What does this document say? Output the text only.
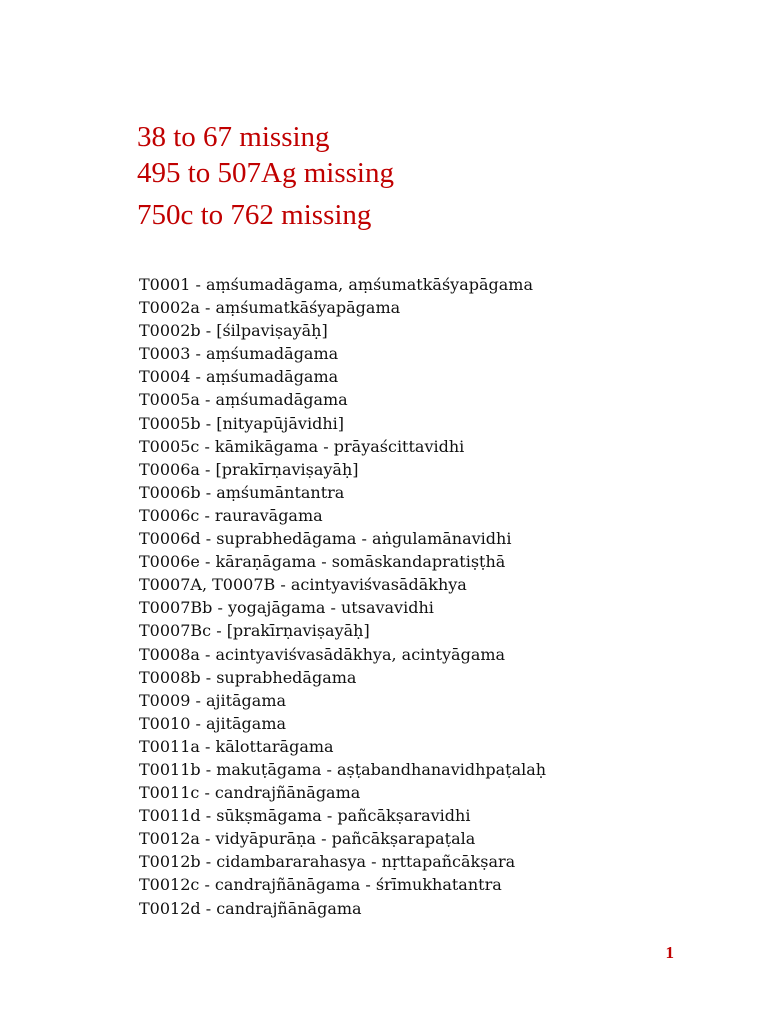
38 to 67 missing
495 to 507Ag missing
750c to 762 missing
T0001 - aṃśumadāgama, aṃśumatkāśyapāgama
T0002a - aṃśumatkāśyapāgama
T0002b - [śilpaviṣayāḥ]
T0003 - aṃśumadāgama
T0004 - aṃśumadāgama
T0005a - aṃśumadāgama
T0005b - [nityapūjāvidhi]
T0005c - kāmikāgama - prāyaścittavidhi
T0006a - [prakīrṇaviṣayāḥ]
T0006b - aṃśumāntantra
T0006c - rauravāgama
T0006d - suprabhedāgama - aṅgulamānavidhi
T0006e - kāraṇāgama - somāskandapratiṣṭhā
T0007A, T0007B - acintyaviśvasādākhya
T0007Bb - yogajāgama - utsavavidhi
T0007Bc - [prakīrṇaviṣayāḥ]
T0008a - acintyaviśvasādākhya, acintyāgama
T0008b - suprabhedāgama
T0009 - ajitāgama
T0010 - ajitāgama
T0011a - kālottarāgama
T0011b - makuṭāgama - aṣṭabandhanavidhpaṭalaḥ
T0011c - candrajñānāgama
T0011d - sūkṣmāgama - pañcākṣaravidhi
T0012a - vidyāpurāṇa - pañcākṣarapaṭala
T0012b - cidambararahasya - nṛttapañcākṣara
T0012c - candrajñānāgama - śrīmukhatantra
T0012d - candrajñānāgama
1
